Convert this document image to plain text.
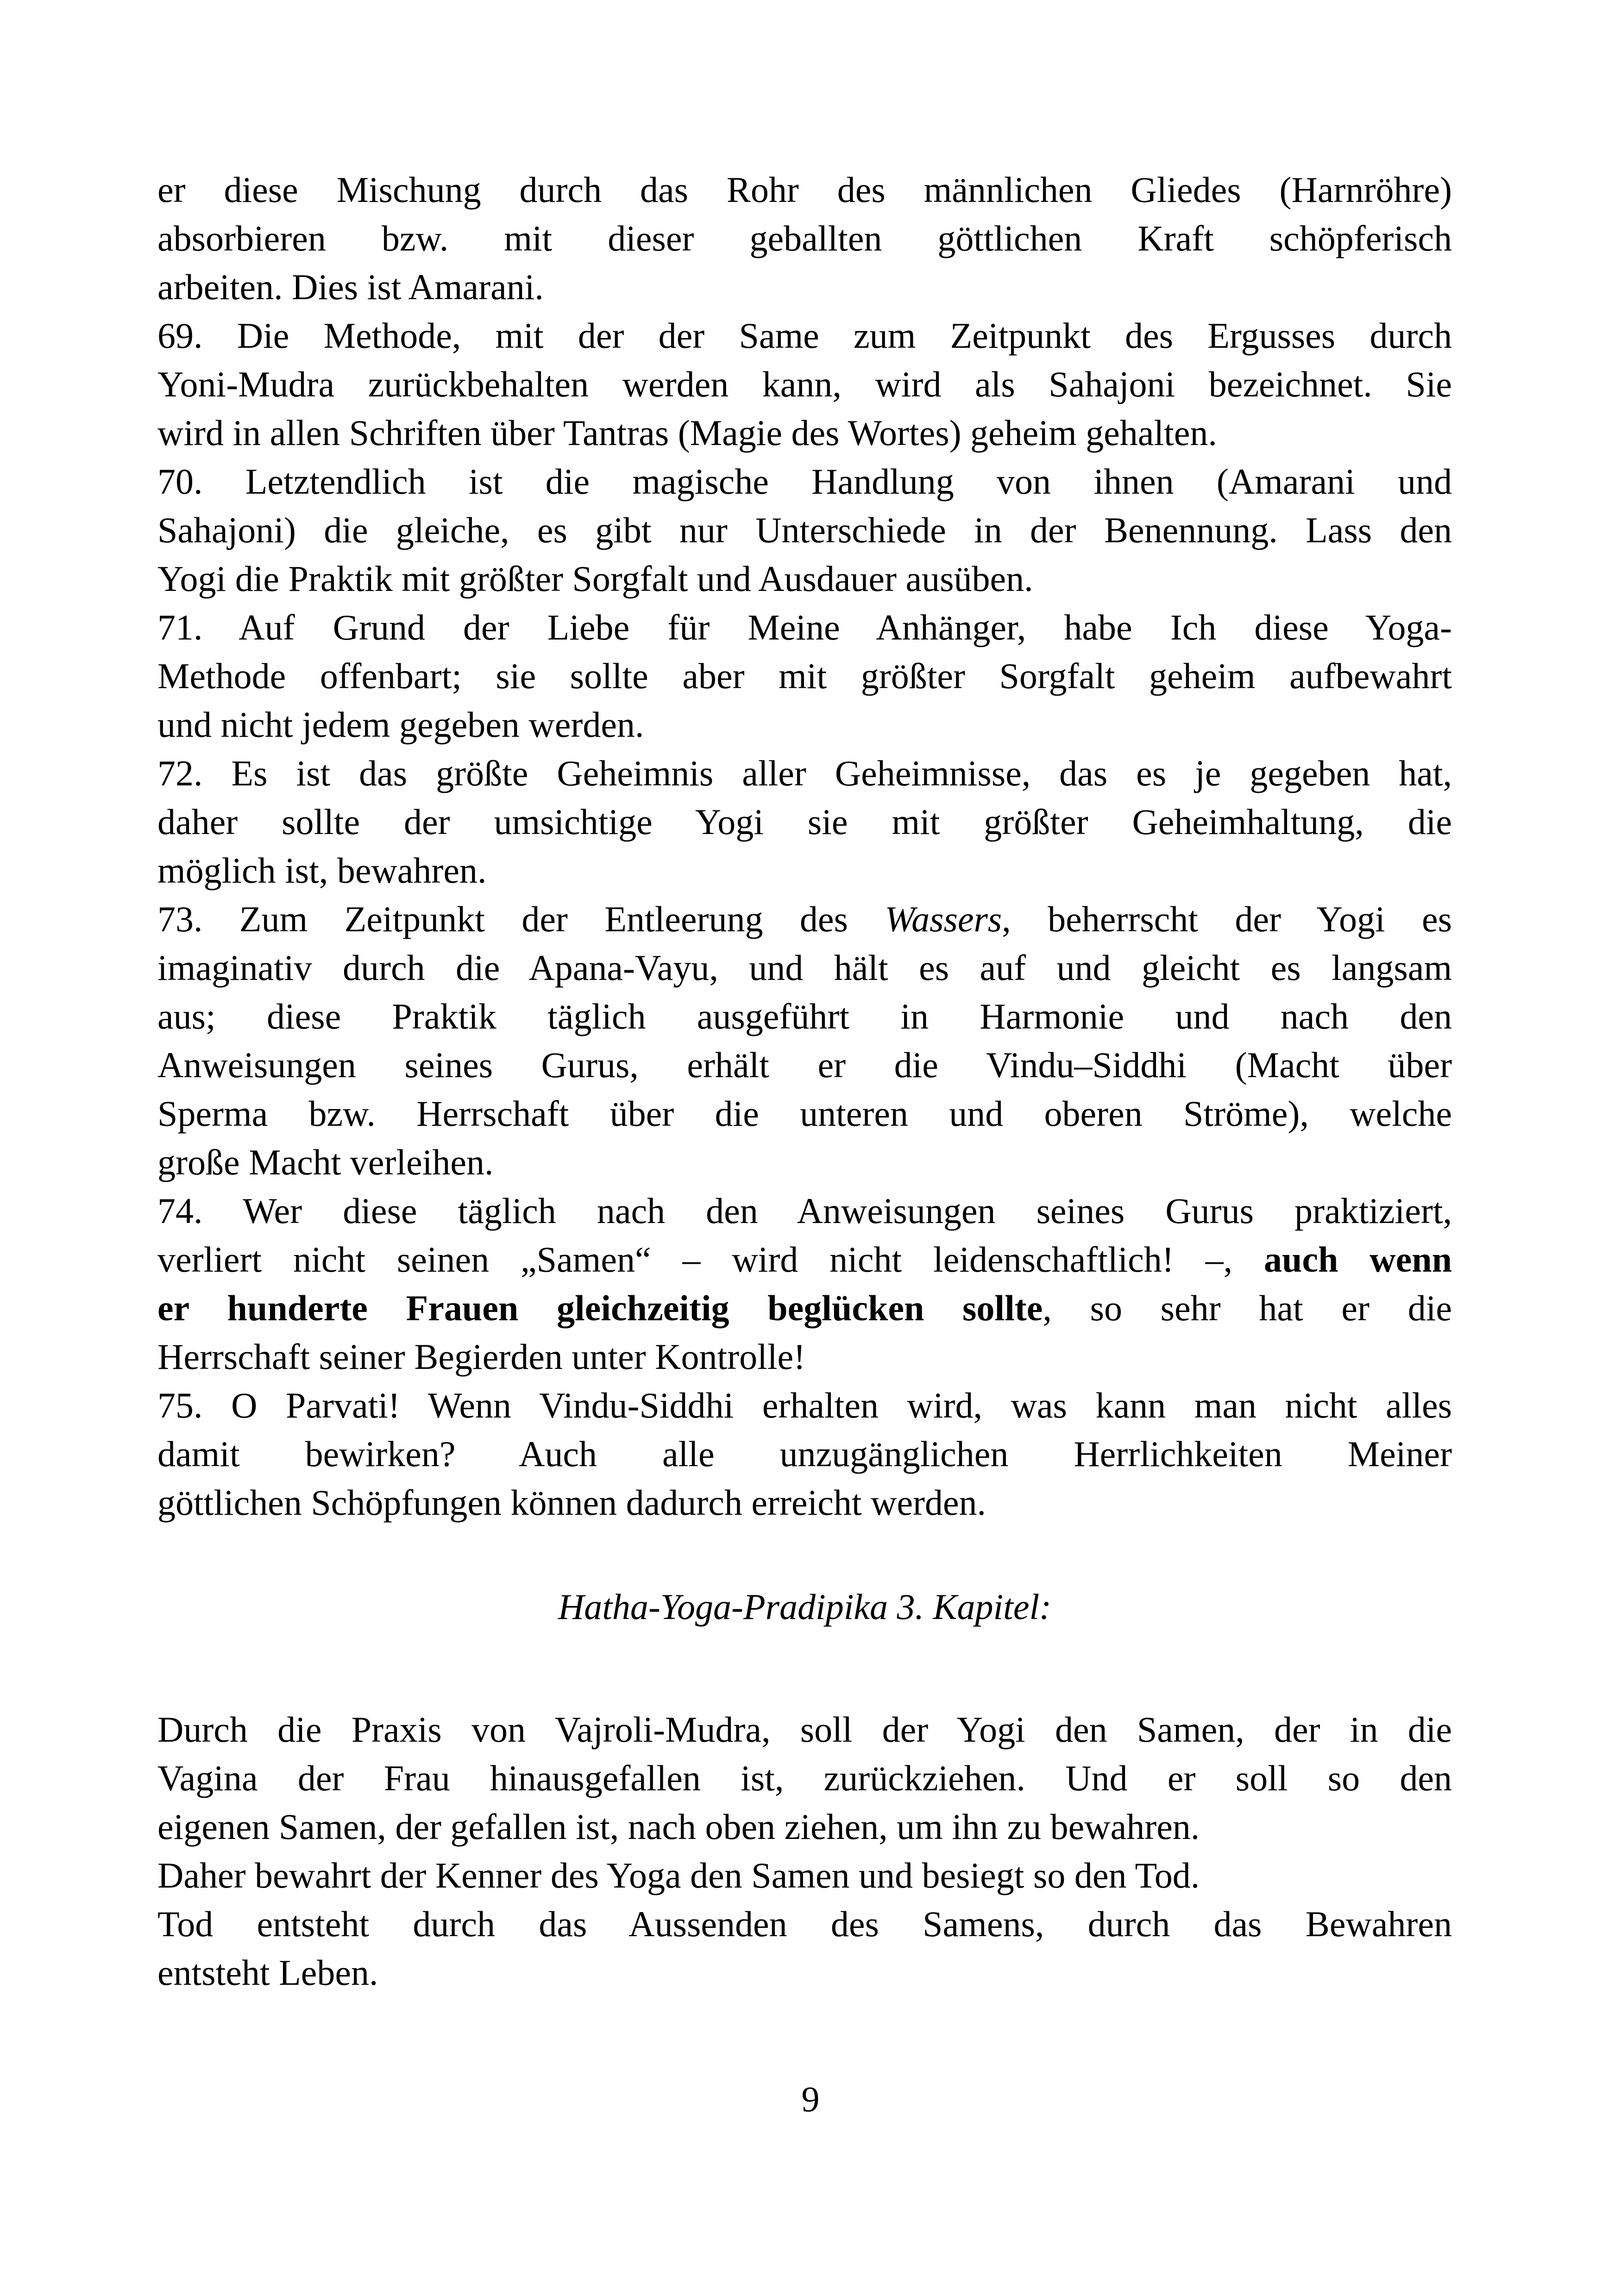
er diese Mischung durch das Rohr des männlichen Gliedes (Harnröhre)
absorbieren bzw. mit dieser geballten göttlichen Kraft schöpferisch
arbeiten. Dies ist Amarani.

69. Die Methode, mit der der Same zum Zeitpunkt des Ergusses durch
Yoni-Mudra zurückbehalten werden kann, wird als Sahajoni bezeichnet. Sie
wird in allen Schriften über Tantras (Magie des Wortes) geheim gehalten.

70. Letztendlich ist die magische Handlung von ihnen (Amarani und
Sahajoni) die gleiche, es gibt nur Unterschiede in der Benennung. Lass den
Yogi die Praktik mit größter Sorgfalt und Ausdauer ausüben.

71. Auf Grund der Liebe für Meine Anhänger, habe Ich diese Yoga-
Methode offenbart; sie sollte aber mit größter Sorgfalt geheim aufbewahrt
und nicht jedem gegeben werden.

72. Es ist das größte Geheimnis aller Geheimnisse, das es je gegeben hat,
daher sollte der umsichtige Yogi sie mit größter Geheimhaltung, die
möglich ist, bewahren.

73. Zum Zeitpunkt der Entleerung des Wassers, beherrscht der Yogi es
imaginativ durch die Apana-Vayu, und hält es auf und gleicht es langsam
aus; diese Praktik täglich ausgeführt in Harmonie und nach den
Anweisungen seines Gurus, erhält er die Vindu–Siddhi (Macht über
Sperma bzw. Herrschaft über die unteren und oberen Ströme), welche
große Macht verleihen.

74. Wer diese täglich nach den Anweisungen seines Gurus praktiziert,
verliert nicht seinen „Samen“ – wird nicht leidenschaftlich! –, auch wenn
er hunderte Frauen gleichzeitig beglücken sollte, so sehr hat er die
Herrschaft seiner Begierden unter Kontrolle!

75. O Parvati! Wenn Vindu-Siddhi erhalten wird, was kann man nicht alles
damit bewirken? Auch alle unzugänglichen Herrlichkeiten Meiner
göttlichen Schöpfungen können dadurch erreicht werden.

Hatha-Yoga-Pradipika 3. Kapitel:

Durch die Praxis von Vajroli-Mudra, soll der Yogi den Samen, der in die
Vagina der Frau hinausgefallen ist, zurückziehen. Und er soll so den
eigenen Samen, der gefallen ist, nach oben ziehen, um ihn zu bewahren.

Daher bewahrt der Kenner des Yoga den Samen und besiegt so den Tod.

Tod entsteht durch das Aussenden des Samens, durch das Bewahren
entsteht Leben.

9
